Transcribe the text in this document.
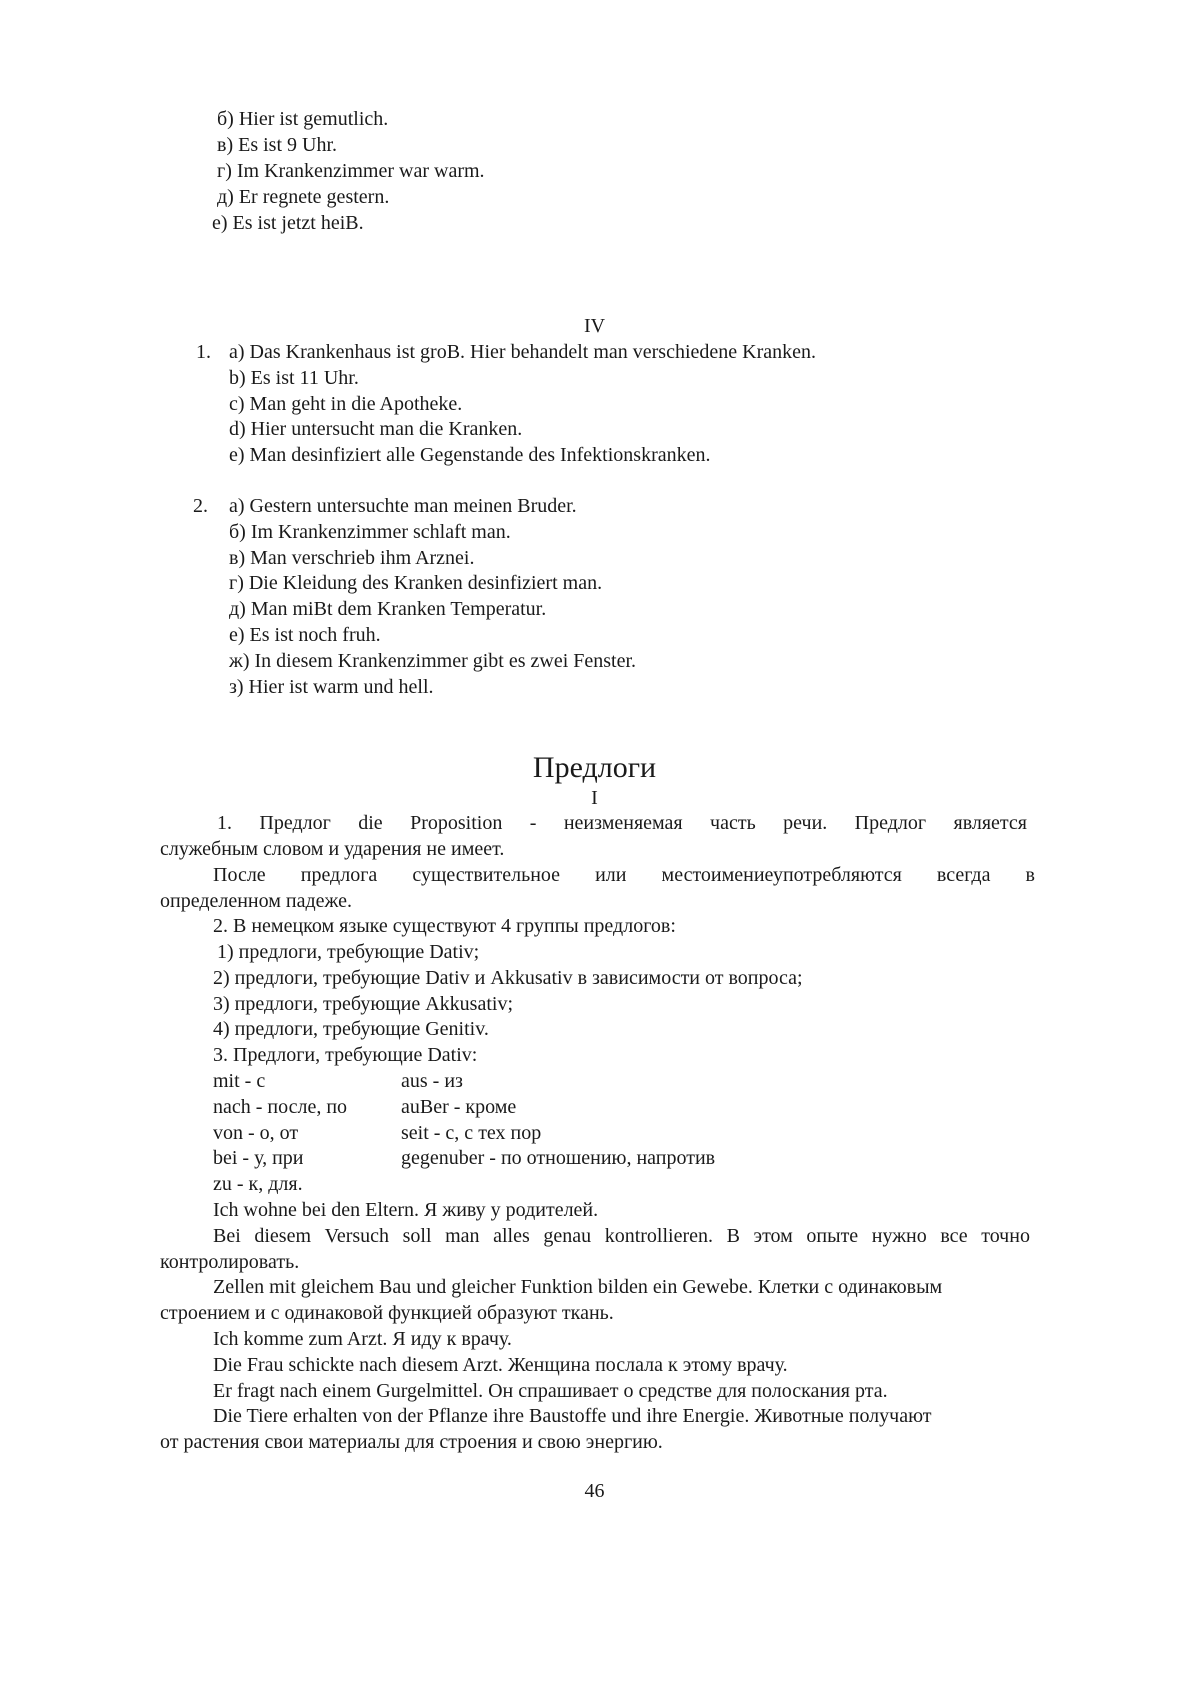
б) Hier ist gemutlich.
в) Es ist 9 Uhr.
г) Im Krankenzimmer war warm.
д) Er regnete gestern.
e) Es ist jetzt heiB.
IV
1. a) Das Krankenhaus ist groB. Hier behandelt man verschiedene Kranken.
b) Es ist 11 Uhr.
c) Man geht in die Apotheke.
d) Hier untersucht man die Kranken.
e) Man desinfiziert alle Gegenstande des Infektionskranken.
2. a) Gestern untersuchte man meinen Bruder.
б) Im Krankenzimmer schlaft man.
в) Man verschrieb ihm Arznei.
г) Die Kleidung des Kranken desinfiziert man.
д) Man miBt dem Kranken Temperatur.
e) Es ist noch fruh.
ж) In diesem Krankenzimmer gibt es zwei Fenster.
з) Hier ist warm und hell.
Предлоги
I
1. Предлог die Proposition - неизменяемая часть речи. Предлог является
служебным словом и ударения не имеет.
После предлога существительное или местоимениеупотребляются всегда в
определенном падеже.
2. В немецком языке существуют 4 группы предлогов:
1) предлоги, требующие Dativ;
2) предлоги, требующие Dativ и Akkusativ в зависимости от вопроса;
3) предлоги, требующие Akkusativ;
4) предлоги, требующие Genitiv.
3. Предлоги, требующие Dativ:
mit - с
nach - после, по
von - о, от
bei - у, при
zu - к, для.
aus - из
auBer - кроме
seit - с, с тех пор
gegenuber - по отношению, напротив
Ich wohne bei den Eltern. Я живу у родителей.
Bei diesem Versuch soll man alles genau kontrollieren. В этом опыте нужно все точно
контролировать.
Zellen mit gleichem Bau und gleicher Funktion bilden ein Gewebe. Клетки с одинаковым
строением и с одинаковой функцией образуют ткань.
Ich komme zum Arzt. Я иду к врачу.
Die Frau schickte nach diesem Arzt. Женщина послала к этому врачу.
Er fragt nach einem Gurgelmittel. Он спрашивает о средстве для полоскания рта.
Die Tiere erhalten von der Pflanze ihre Baustoffe und ihre Energie. Животные получают
от растения свои материалы для строения и свою энергию.
46
